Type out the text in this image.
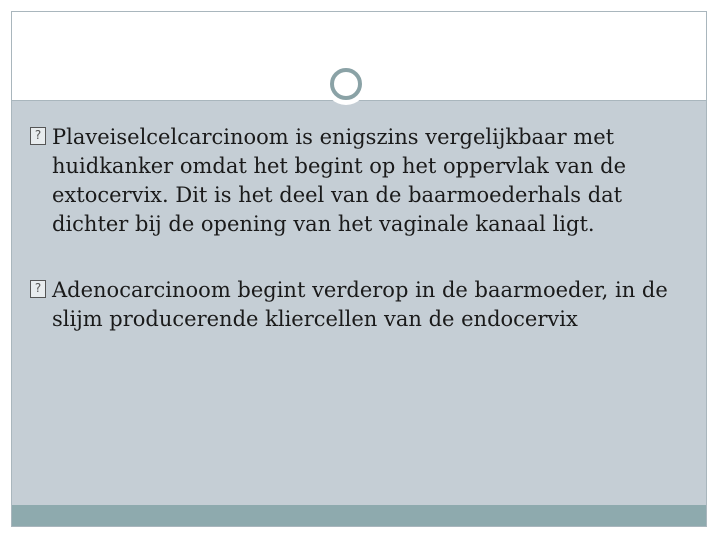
? Plaveiselcelcarcinoom is enigszins vergelijkbaar met huidkanker omdat het begint op het oppervlak van de extocervix. Dit is het deel van de baarmoederhals dat dichter bij de opening van het vaginale kanaal ligt.
? Adenocarcinoom begint verderop in de baarmoeder, in de slijm producerende kliercellen van de endocervix
